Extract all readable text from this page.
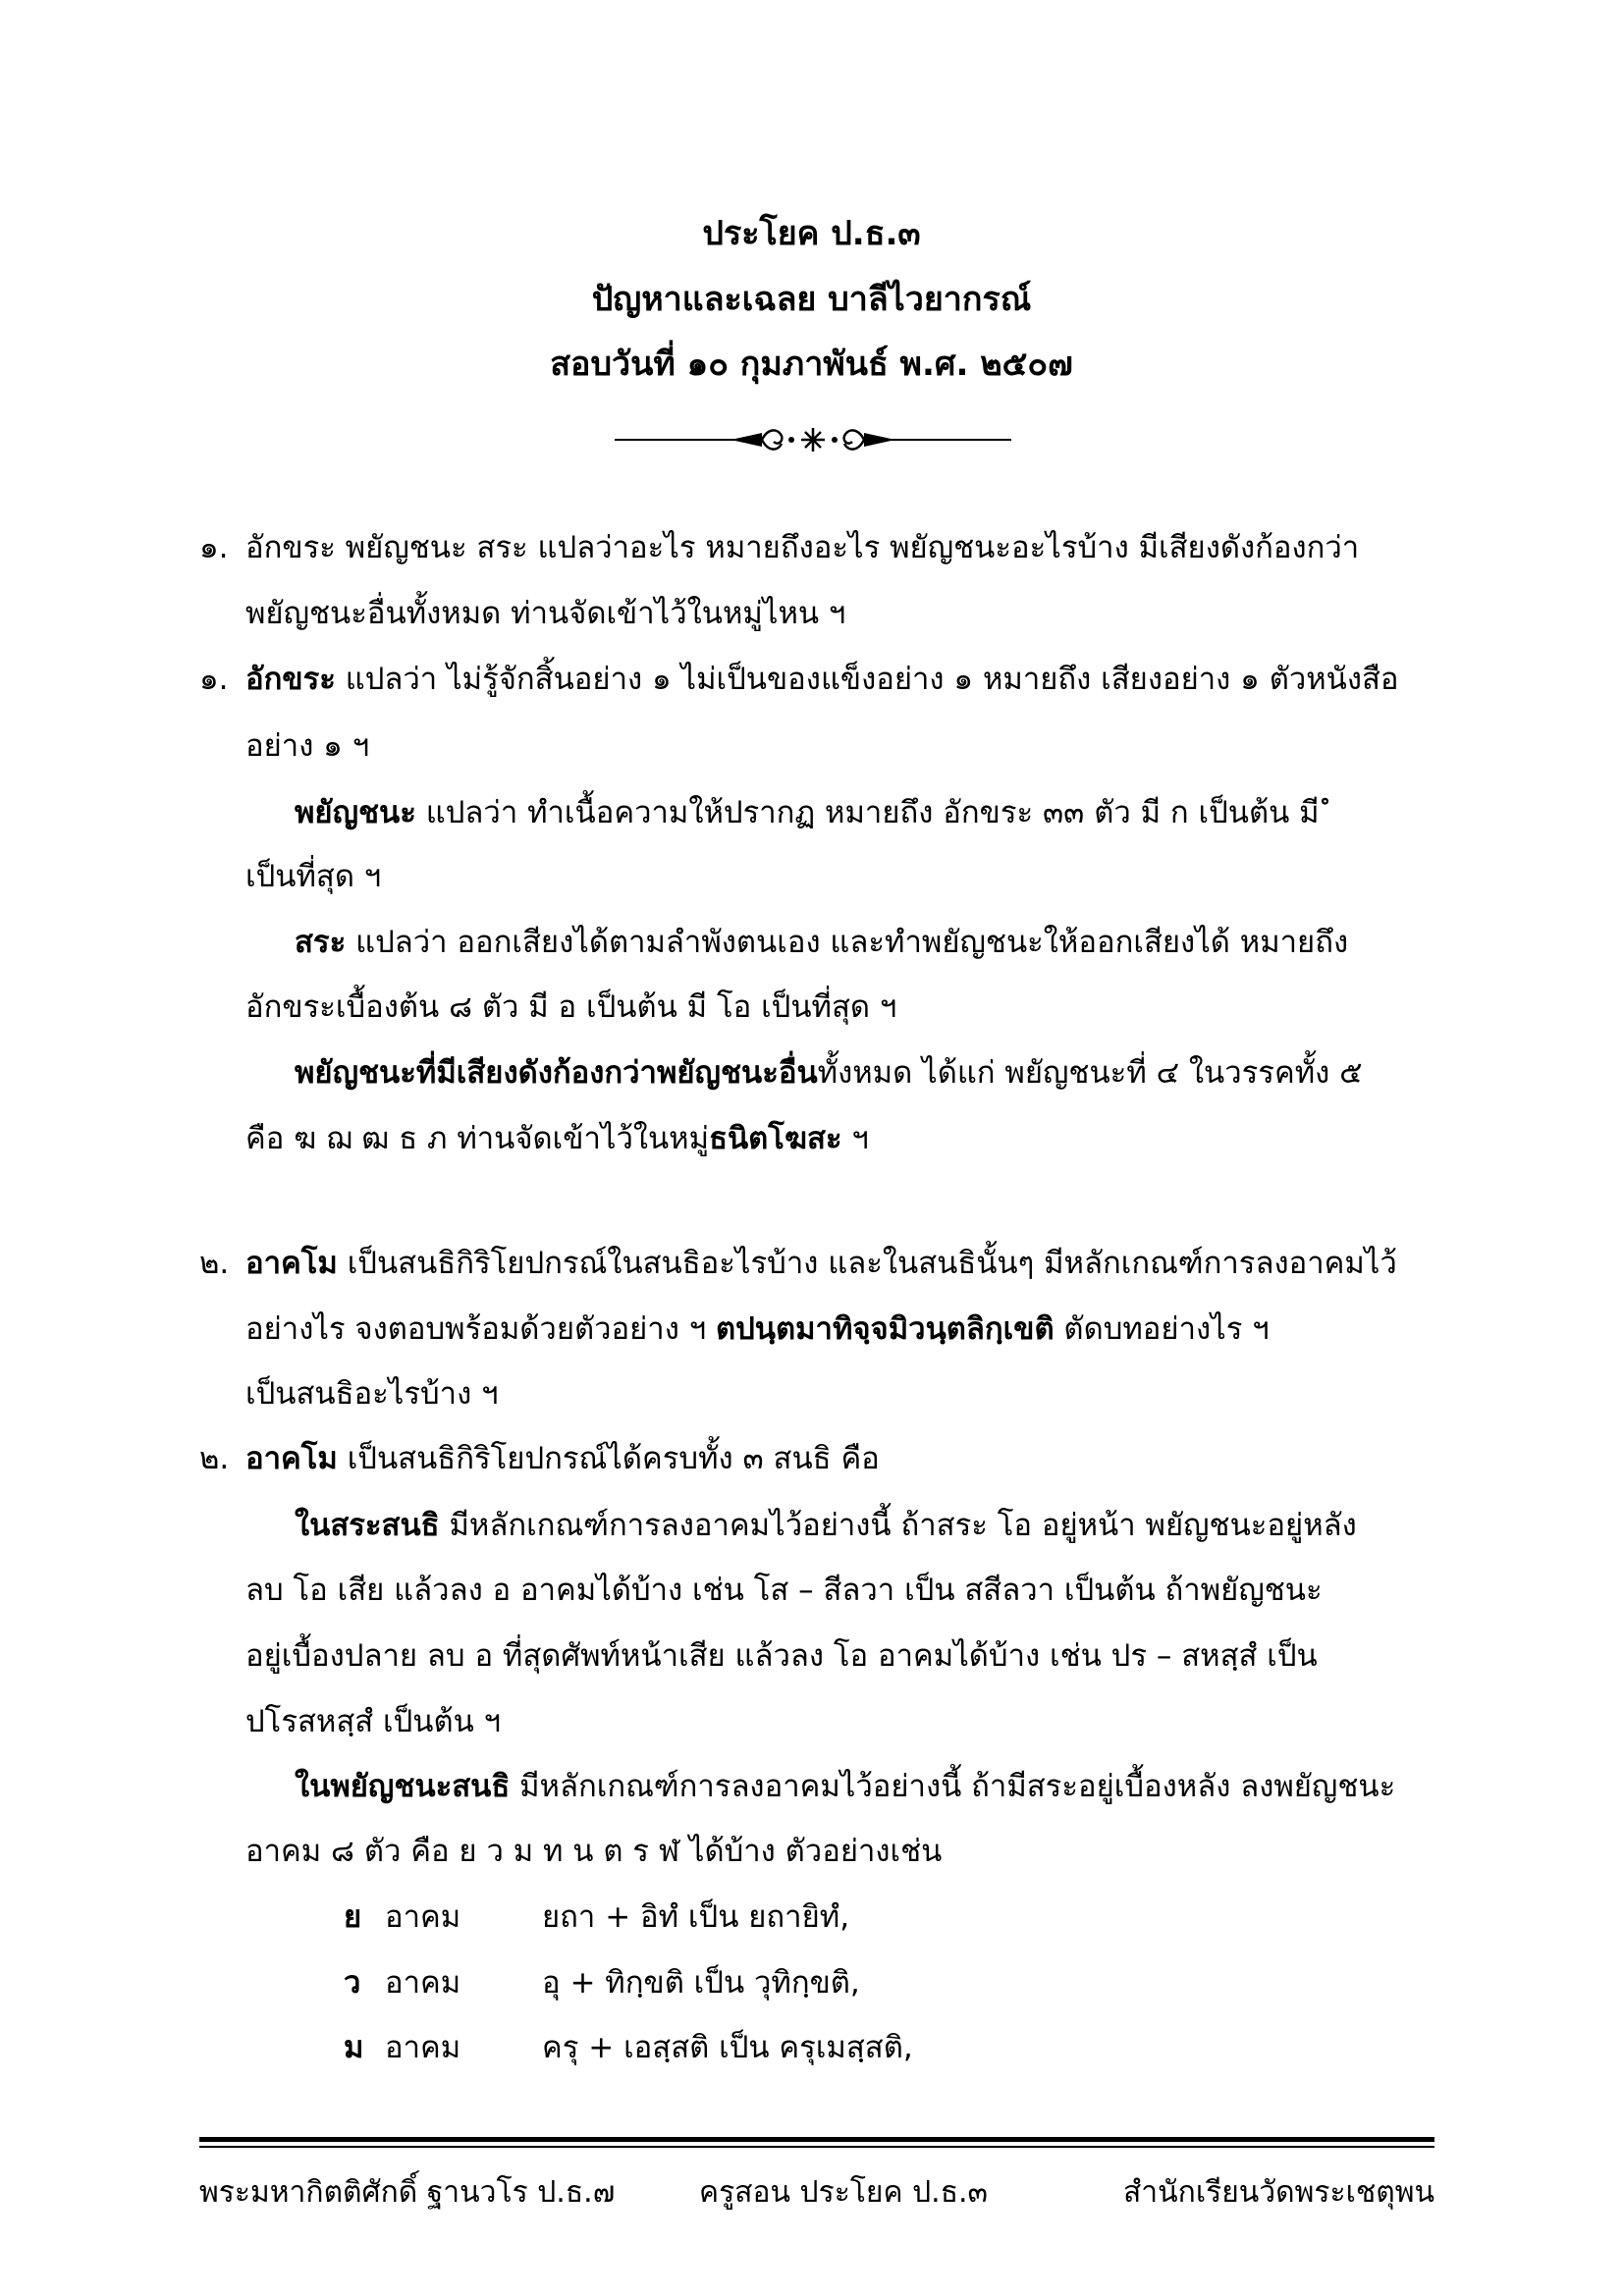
ประโยค ป.ธ.๓
ปัญหาและเฉลย บาลีไวยากรณ์
สอบวันที่ ๑๐ กุมภาพันธ์ พ.ศ. ๒๕๐๗
๑. อักขระ พยัญชนะ สระ แปลว่าอะไร หมายถึงอะไร พยัญชนะอะไรบ้าง มีเสียงดังก้องกว่า
พยัญชนะอื่นทั้งหมด ท่านจัดเข้าไว้ในหมู่ไหน ฯ
๑. อักขระ แปลว่า ไม่รู้จักสิ้นอย่าง ๑ ไม่เป็นของแข็งอย่าง ๑ หมายถึง เสียงอย่าง ๑ ตัวหนังสือ
อย่าง ๑ ฯ
พยัญชนะ แปลว่า ทำเนื้อความให้ปรากฏ หมายถึง อักขระ ๓๓ ตัว มี ก เป็นต้น มี ํ
เป็นที่สุด ฯ
สระ แปลว่า ออกเสียงได้ตามลำพังตนเอง และทำพยัญชนะให้ออกเสียงได้ หมายถึง
อักขระเบื้องต้น ๘ ตัว มี อ เป็นต้น มี โอ เป็นที่สุด ฯ
พยัญชนะที่มีเสียงดังก้องกว่าพยัญชนะอื่นทั้งหมด ได้แก่ พยัญชนะที่ ๔ ในวรรคทั้ง ๕
คือ ฆ ฌ ฒ ธ ภ ท่านจัดเข้าไว้ในหมู่ธนิตโฆสะ ฯ
๒. อาคโม เป็นสนธิกิริโยปกรณ์ในสนธิอะไรบ้าง และในสนธินั้นๆ มีหลักเกณฑ์การลงอาคมไว้
อย่างไร จงตอบพร้อมด้วยตัวอย่าง ฯ ตปนฺตมาทิจฺจมิวนฺตลิกฺเขติ ตัดบทอย่างไร ฯ
เป็นสนธิอะไรบ้าง ฯ
๒. อาคโม เป็นสนธิกิริโยปกรณ์ได้ครบทั้ง ๓ สนธิ คือ
ในสระสนธิ มีหลักเกณฑ์การลงอาคมไว้อย่างนี้ ถ้าสระ โอ อยู่หน้า พยัญชนะอยู่หลัง
ลบ โอ เสีย แล้วลง อ อาคมได้บ้าง เช่น โส – สีลวา เป็น สสีลวา เป็นต้น ถ้าพยัญชนะ
อยู่เบื้องปลาย ลบ อ ที่สุดศัพท์หน้าเสีย แล้วลง โอ อาคมได้บ้าง เช่น ปร – สหสฺสํ เป็น
ปโรสหสฺสํ เป็นต้น ฯ
ในพยัญชนะสนธิ มีหลักเกณฑ์การลงอาคมไว้อย่างนี้ ถ้ามีสระอยู่เบื้องหลัง ลงพยัญชนะ
อาคม ๘ ตัว คือ ย ว ม ท น ต ร ฬ ได้บ้าง ตัวอย่างเช่น
ย อาคม	ยถา + อิทํ เป็น ยถายิทํ,
ว อาคม	อุ + ทิกฺขติ เป็น วุทิกฺขติ,
ม อาคม	ครุ + เอสฺสติ เป็น ครุเมสฺสติ,
พระมหากิตติศักดิ์ ฐานวโร ป.ธ.๗	ครูสอน ประโยค ป.ธ.๓	สำนักเรียนวัดพระเชตุพน
